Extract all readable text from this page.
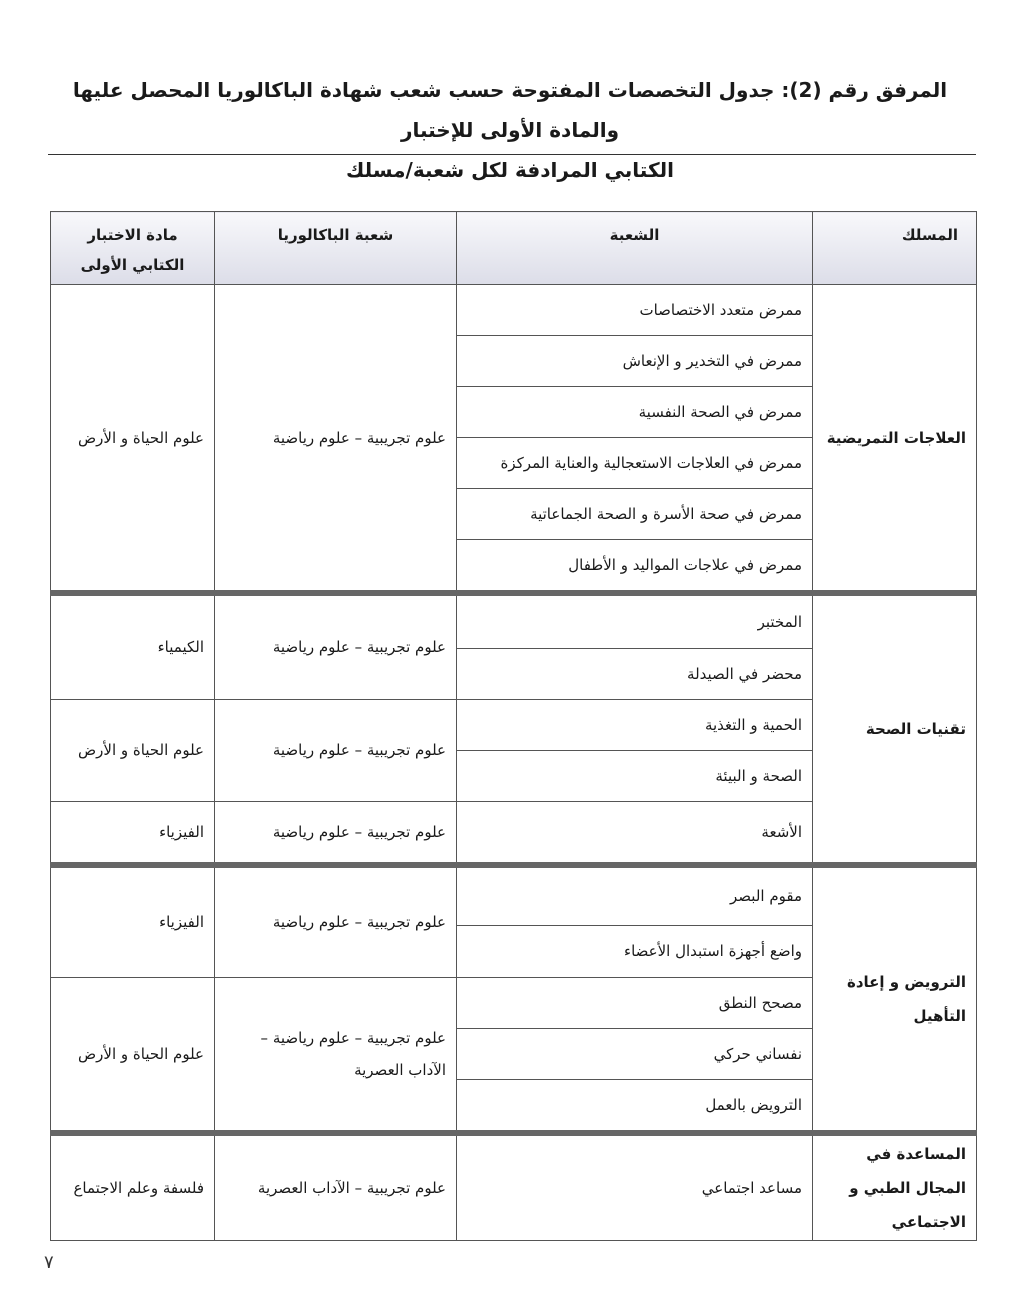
المرفق رقم (2): جدول التخصصات المفتوحة حسب شعب شهادة الباكالوريا المحصل عليها والمادة الأولى للإختبار
الكتابي المرادفة لكل شعبة/مسلك
المسلك	الشعبة	شعبة الباكالوريا	مادة الاختبار الكتابي الأولى
العلاجات التمريضية	ممرض متعدد الاختصاصات	علوم تجريبية – علوم رياضية	علوم الحياة و الأرض
	ممرض في التخدير و الإنعاش		
	ممرض في الصحة النفسية		
	ممرض في العلاجات الاستعجالية والعناية المركزة		
	ممرض في صحة الأسرة و الصحة الجماعاتية		
	ممرض في علاجات المواليد و الأطفال		
تقنيات الصحة	المختبر	علوم تجريبية – علوم رياضية	الكيمياء
	محضر في الصيدلة		
	الحمية و التغذية	علوم تجريبية – علوم رياضية	علوم الحياة و الأرض
	الصحة و البيئة		
	الأشعة	علوم تجريبية – علوم رياضية	الفيزياء
الترويض و إعادة التأهيل	مقوم البصر	علوم تجريبية – علوم رياضية	الفيزياء
	واضع أجهزة استبدال الأعضاء		
	مصحح النطق	علوم تجريبية – علوم رياضية – الآداب العصرية	علوم الحياة و الأرض
	نفساني حركي		
	الترويض بالعمل		
المساعدة في المجال الطبي و الاجتماعي	مساعد اجتماعي	علوم تجريبية – الآداب العصرية	فلسفة وعلم الاجتماع
٧
